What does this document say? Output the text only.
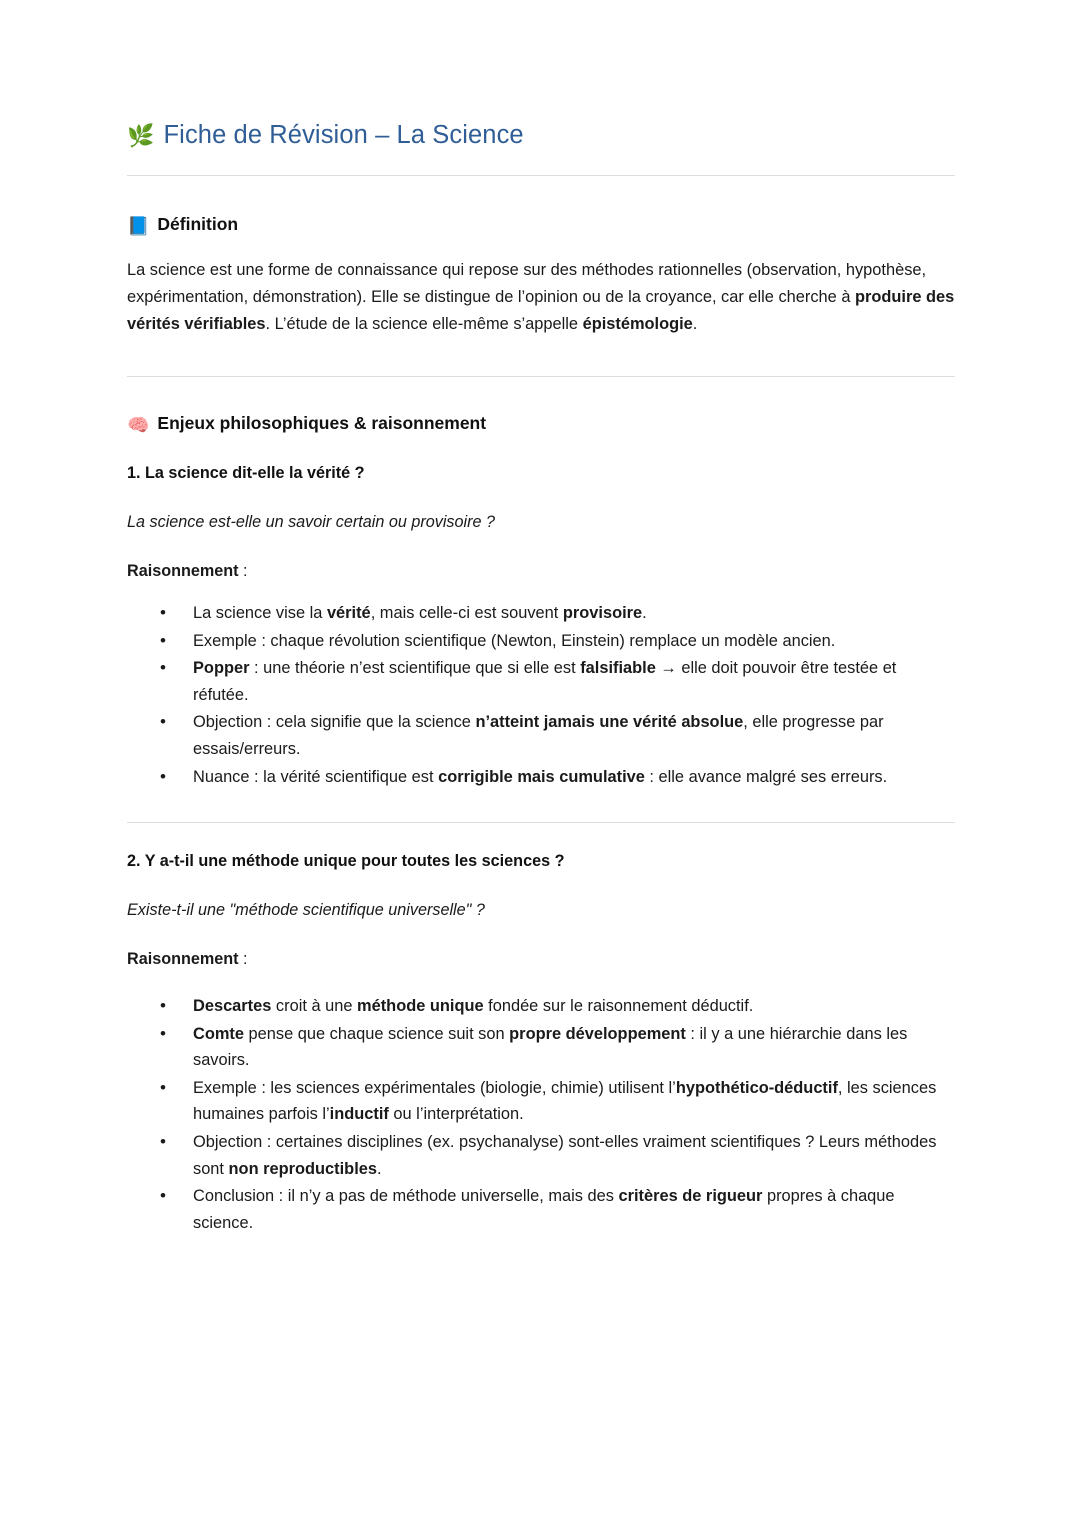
🌿 Fiche de Révision – La Science
📘 Définition

La science est une forme de connaissance qui repose sur des méthodes rationnelles (observation, hypothèse, expérimentation, démonstration). Elle se distingue de l’opinion ou de la croyance, car elle cherche à produire des vérités vérifiables. L’étude de la science elle-même s’appelle épistémologie.

🧠 Enjeux philosophiques & raisonnement

1. La science dit-elle la vérité ?

La science est-elle un savoir certain ou provisoire ?

Raisonnement :

• La science vise la vérité, mais celle-ci est souvent provisoire.
• Exemple : chaque révolution scientifique (Newton, Einstein) remplace un modèle ancien.
• Popper : une théorie n’est scientifique que si elle est falsifiable → elle doit pouvoir être testée et réfutée.
• Objection : cela signifie que la science n’atteint jamais une vérité absolue, elle progresse par essais/erreurs.
• Nuance : la vérité scientifique est corrigible mais cumulative : elle avance malgré ses erreurs.

2. Y a-t-il une méthode unique pour toutes les sciences ?

Existe-t-il une "méthode scientifique universelle" ?

Raisonnement :

• Descartes croit à une méthode unique fondée sur le raisonnement déductif.
• Comte pense que chaque science suit son propre développement : il y a une hiérarchie dans les savoirs.
• Exemple : les sciences expérimentales (biologie, chimie) utilisent l’hypothético-déductif, les sciences humaines parfois l’inductif ou l’interprétation.
• Objection : certaines disciplines (ex. psychanalyse) sont-elles vraiment scientifiques ? Leurs méthodes sont non reproductibles.
• Conclusion : il n’y a pas de méthode universelle, mais des critères de rigueur propres à chaque science.
